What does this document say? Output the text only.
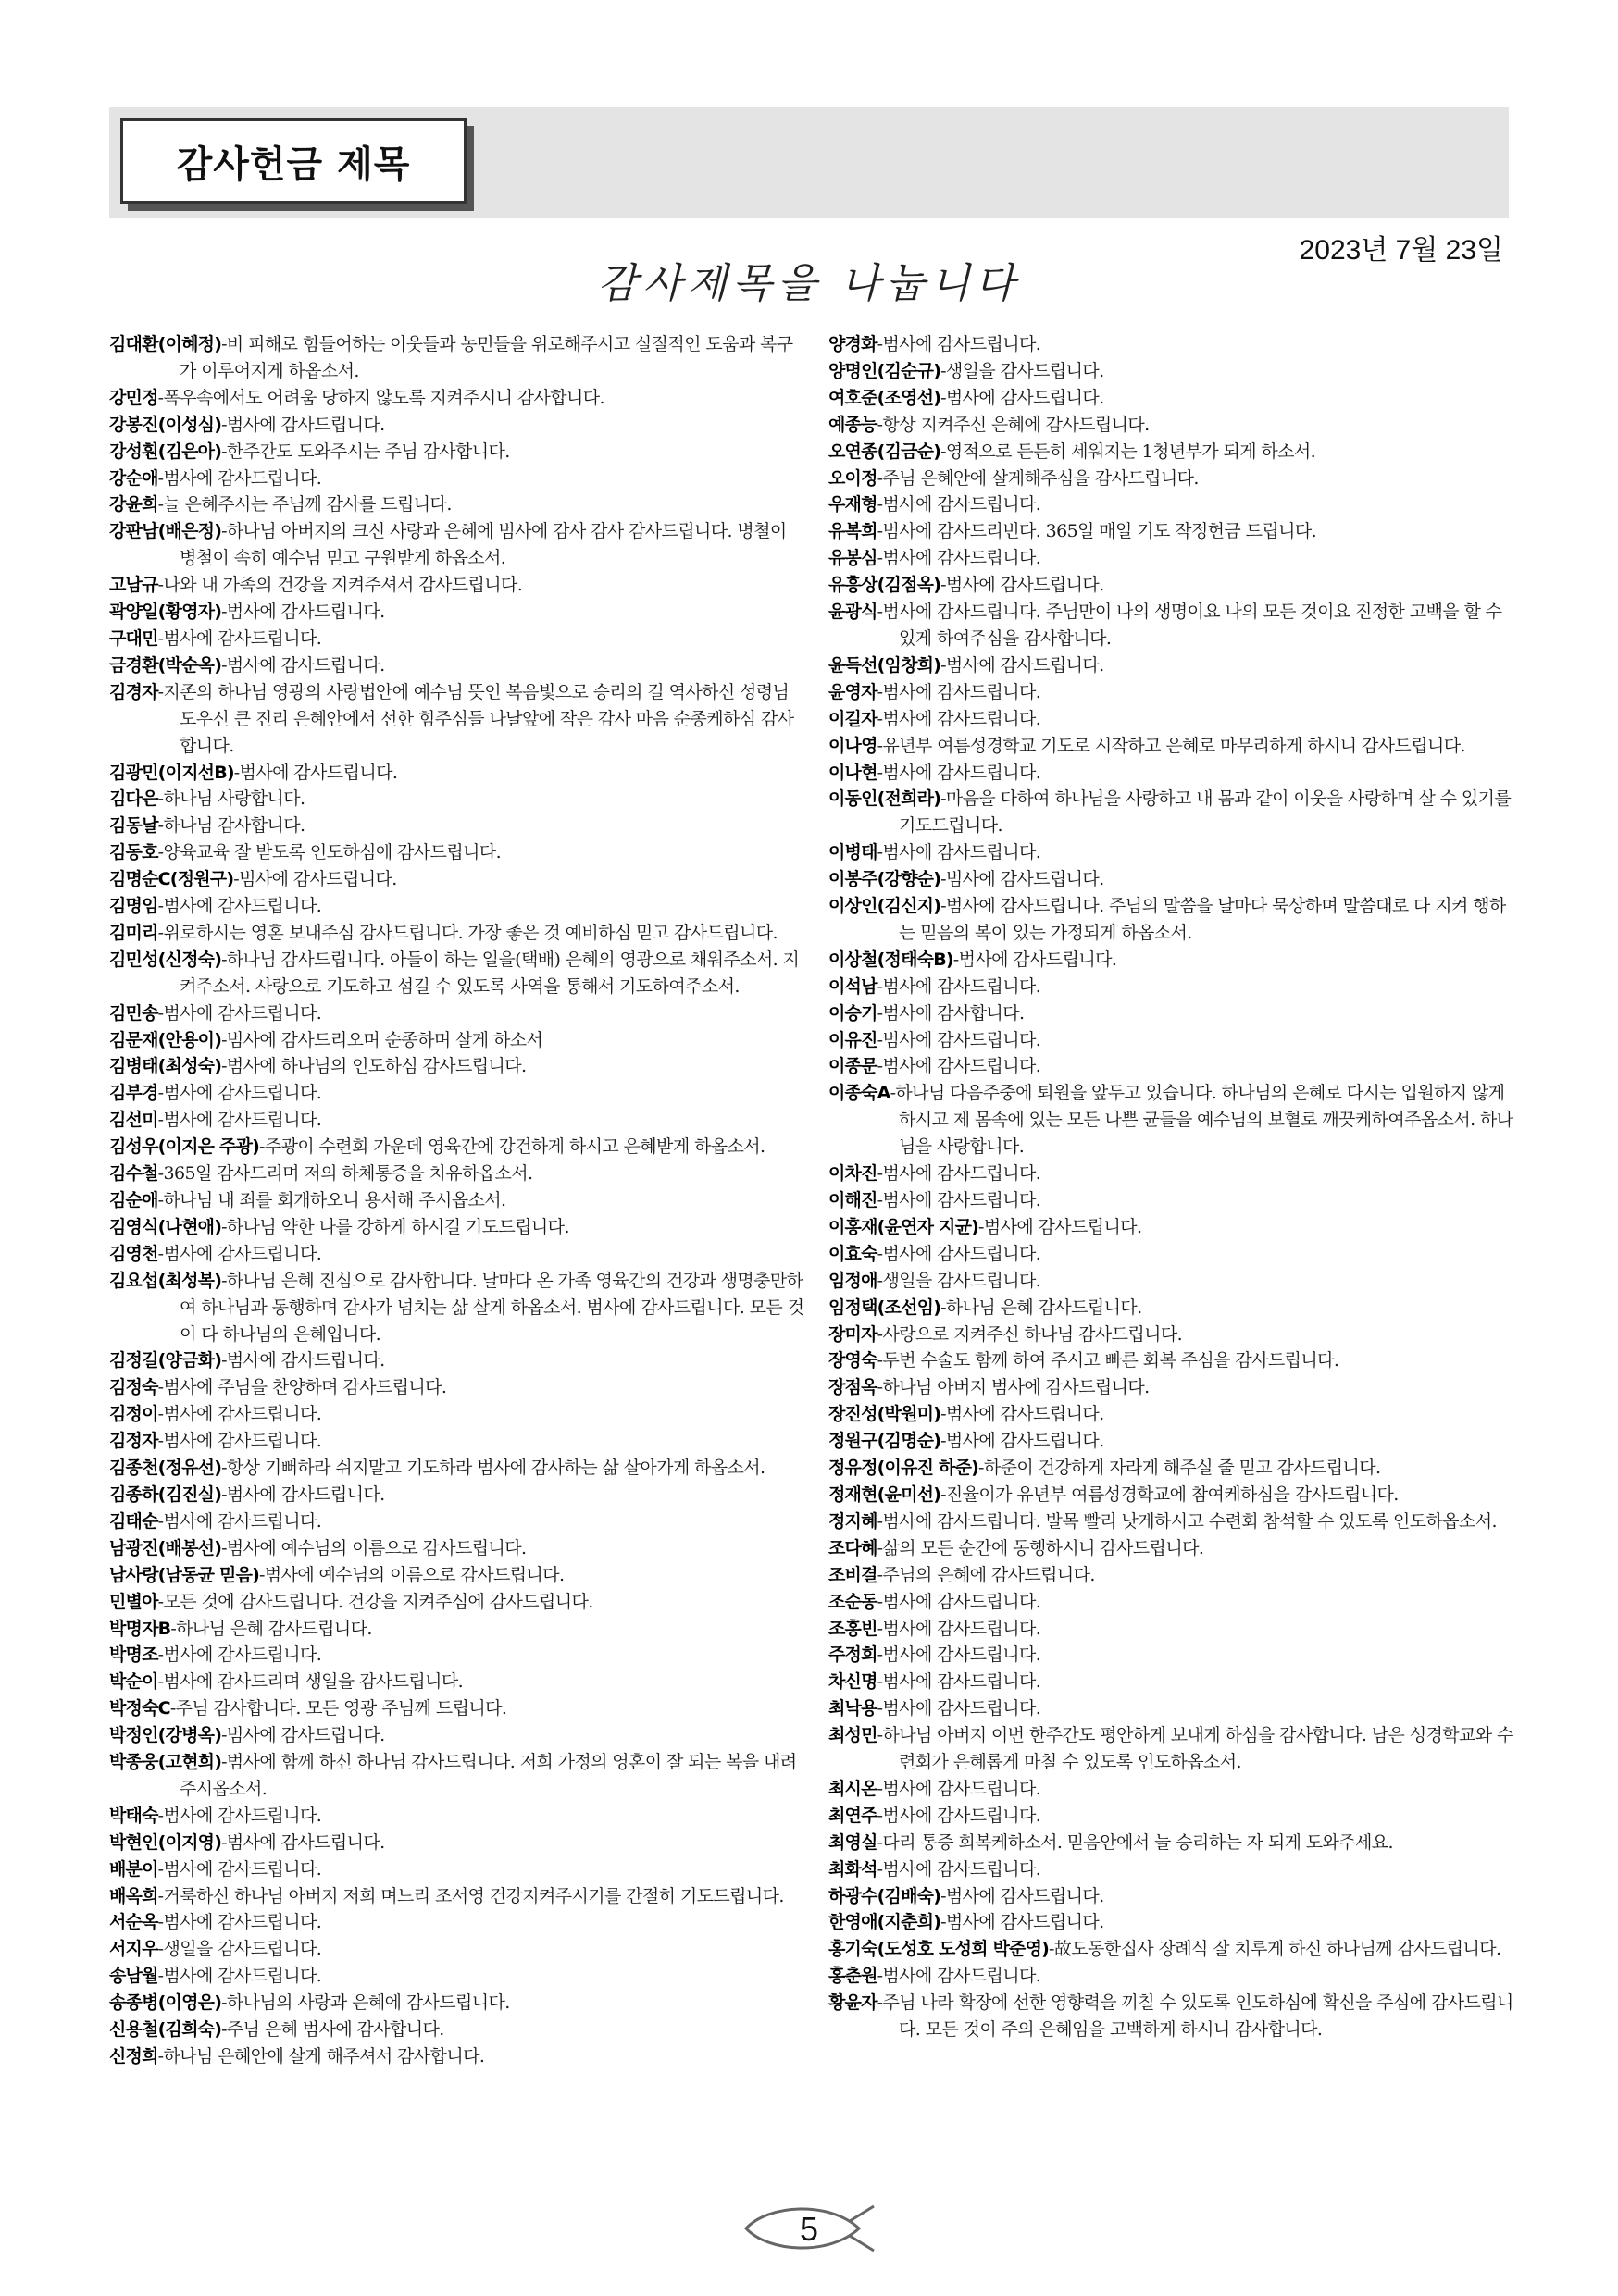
감사헌금 제목
2023년 7월 23일
감사제목을 나눕니다
김대환(이혜정)-비 피해로 힘들어하는 이웃들과 농민들을 위로해주시고 실질적인 도움과 복구가 이루어지게 하옵소서.
강민정-폭우속에서도 어려움 당하지 않도록 지켜주시니 감사합니다.
강봉진(이성심)-범사에 감사드립니다.
강성훤(김은아)-한주간도 도와주시는 주님 감사합니다.
강순애-범사에 감사드립니다.
강윤희-늘 은혜주시는 주님께 감사를 드립니다.
강판남(배은정)-하나님 아버지의 크신 사랑과 은혜에 범사에 감사 감사 감사드립니다. 병쳘이 병철이 속히 예수님 믿고 구원받게 하옵소서.
고남규-나와 내 가족의 건강을 지켜주셔서 감사드립니다.
곽양일(황영자)-범사에 감사드립니다.
구대민-범사에 감사드립니다.
금경환(박순옥)-범사에 감사드립니다.
김경자-지존의 하나님 영광의 사랑법안에 예수님 뜻인 복음빛으로 승리의 길 역사하신 성령님 도우신 큰 진리 은혜안에서 선한 힘주심들 나날앞에 작은 감사 마음 순종케하심 감사합니다.
김광민(이지선B)-범사에 감사드립니다.
김다은-하나님 사랑합니다.
김동날-하나님 감사합니다.
김동호-양육교육 잘 받도록 인도하심에 감사드립니다.
김명순C(정원구)-범사에 감사드립니다.
김명임-범사에 감사드립니다.
김미리-위로하시는 영혼 보내주심 감사드립니다. 가장 좋은 것 예비하심 믿고 감사드립니다.
김민성(신정숙)-하나님 감사드립니다. 아들이 하는 일을(택배) 은혜의 영광으로 채워주소서. 지켜주소서. 사랑으로 기도하고 섬길 수 있도록 사역을 통해서 기도하여주소서.
김민송-범사에 감사드립니다.
김문재(안용이)-범사에 감사드리오며 순종하며 살게 하소서
김병태(최성숙)-범사에 하나님의 인도하심 감사드립니다.
김부경-범사에 감사드립니다.
김선미-범사에 감사드립니다.
김성우(이지은 주광)-주광이 수련회 가운데 영육간에 강건하게 하시고 은혜받게 하옵소서.
김수철-365일 감사드리며 저의 하체통증을 치유하옵소서.
김순애-하나님 내 죄를 회개하오니 용서해 주시옵소서.
김영식(나현애)-하나님 약한 나를 강하게 하시길 기도드립니다.
김영천-범사에 감사드립니다.
김요섭(최성복)-하나님 은혜 진심으로 감사합니다. 날마다 온 가족 영육간의 건강과 생명충만하여 하나님과 동행하며 감사가 넘치는 삶 살게 하옵소서. 범사에 감사드립니다. 모든 것이 다 하나님의 은혜입니다.
김정길(양금화)-범사에 감사드립니다.
김정숙-범사에 주님을 찬양하며 감사드립니다.
김정이-범사에 감사드립니다.
김정자-범사에 감사드립니다.
김종천(정유선)-항상 기뻐하라 쉬지말고 기도하라 범사에 감사하는 삶 살아가게 하옵소서.
김종하(김진실)-범사에 감사드립니다.
김태순-범사에 감사드립니다.
남광진(배봉선)-범사에 예수님의 이름으로 감사드립니다.
남사랑(남동균 믿음)-범사에 예수님의 이름으로 감사드립니다.
민별아-모든 것에 감사드립니다. 건강을 지켜주심에 감사드립니다.
박명자B-하나님 은혜 감사드립니다.
박명조-범사에 감사드립니다.
박순이-범사에 감사드리며 생일을 감사드립니다.
박정숙C-주님 감사합니다. 모든 영광 주님께 드립니다.
박정인(강병옥)-범사에 감사드립니다.
박종웅(고현희)-범사에 함께 하신 하나님 감사드립니다. 저희 가정의 영혼이 잘 되는 복을 내려 주시옵소서.
박태숙-범사에 감사드립니다.
박현인(이지영)-범사에 감사드립니다.
배분이-범사에 감사드립니다.
배옥희-거룩하신 하나님 아버지 저희 며느리 조서영 건강지켜주시기를 간절히 기도드립니다.
서순옥-범사에 감사드립니다.
서지우-생일을 감사드립니다.
송남월-범사에 감사드립니다.
송종병(이영은)-하나님의 사랑과 은혜에 감사드립니다.
신용철(김희숙)-주님 은혜 범사에 감사합니다.
신정희-하나님 은혜안에 살게 해주셔서 감사합니다.
양경화-범사에 감사드립니다.
양명인(김순규)-생일을 감사드립니다.
여호준(조영선)-범사에 감사드립니다.
예종능-항상 지켜주신 은혜에 감사드립니다.
오연종(김금순)-영적으로 든든히 세워지는 1청년부가 되게 하소서.
오이정-주님 은혜안에 살게해주심을 감사드립니다.
우재형-범사에 감사드립니다.
유복희-범사에 감사드리빈다. 365일 매일 기도 작정헌금 드립니다.
유봉심-범사에 감사드립니다.
유흥상(김점옥)-범사에 감사드립니다.
윤광식-범사에 감사드립니다. 주님만이 나의 생명이요 나의 모든 것이요 진정한 고백을 할 수 있게 하여주심을 감사합니다.
윤득선(임창희)-범사에 감사드립니다.
윤영자-범사에 감사드립니다.
이길자-범사에 감사드립니다.
이나영-유년부 여름성경학교 기도로 시작하고 은혜로 마무리하게 하시니 감사드립니다.
이나현-범사에 감사드립니다.
이동인(전희라)-마음을 다하여 하나님을 사랑하고 내 몸과 같이 이웃을 사랑하며 살 수 있기를 기도드립니다.
이병태-범사에 감사드립니다.
이봉주(강향순)-범사에 감사드립니다.
이상인(김신지)-범사에 감사드립니다. 주님의 말씀을 날마다 묵상하며 말씀대로 다 지켜 행하는 믿음의 복이 있는 가정되게 하옵소서.
이상철(정태숙B)-범사에 감사드립니다.
이석남-범사에 감사드립니다.
이승기-범사에 감사합니다.
이유진-범사에 감사드립니다.
이종문-범사에 감사드립니다.
이종숙A-하나님 다음주중에 퇴원을 앞두고 있습니다. 하나님의 은혜로 다시는 입원하지 않게 하시고 제 몸속에 있는 모든 나쁜 균들을 예수님의 보혈로 깨끗케하여주옵소서. 하나님을 사랑합니다.
이차진-범사에 감사드립니다.
이해진-범사에 감사드립니다.
이홍재(윤연자 지균)-범사에 감사드립니다.
이효숙-범사에 감사드립니다.
임정애-생일을 감사드립니다.
임정택(조선임)-하나님 은혜 감사드립니다.
장미자-사랑으로 지켜주신 하나님 감사드립니다.
장영숙-두번 수술도 함께 하여 주시고 빠른 회복 주심을 감사드립니다.
장점옥-하나님 아버지 범사에 감사드립니다.
장진성(박원미)-범사에 감사드립니다.
정원구(김명순)-범사에 감사드립니다.
정유정(이유진 하준)-하준이 건강하게 자라게 해주실 줄 믿고 감사드립니다.
정재현(윤미선)-진율이가 유년부 여름성경학교에 참여케하심을 감사드립니다.
정지혜-범사에 감사드립니다. 발목 빨리 낫게하시고 수련회 참석할 수 있도록 인도하옵소서.
조다혜-삶의 모든 순간에 동행하시니 감사드립니다.
조비결-주님의 은혜에 감사드립니다.
조순동-범사에 감사드립니다.
조홍빈-범사에 감사드립니다.
주정희-범사에 감사드립니다.
차신명-범사에 감사드립니다.
최낙용-범사에 감사드립니다.
최성민-하나님 아버지 이번 한주간도 평안하게 보내게 하심을 감사합니다. 남은 성경학교와 수련회가 은혜롭게 마칠 수 있도록 인도하옵소서.
최시온-범사에 감사드립니다.
최연주-범사에 감사드립니다.
최영실-다리 통증 회복케하소서. 믿음안에서 늘 승리하는 자 되게 도와주세요.
최화석-범사에 감사드립니다.
하광수(김배숙)-범사에 감사드립니다.
한영애(지춘희)-범사에 감사드립니다.
홍기숙(도성호 도성희 박준영)-故도동한집사 장례식 잘 치루게 하신 하나님께 감사드립니다.
홍춘원-범사에 감사드립니다.
황윤자-주님 나라 확장에 선한 영향력을 끼칠 수 있도록 인도하심에 확신을 주심에 감사드립니다. 모든 것이 주의 은혜임을 고백하게 하시니 감사합니다.
5
